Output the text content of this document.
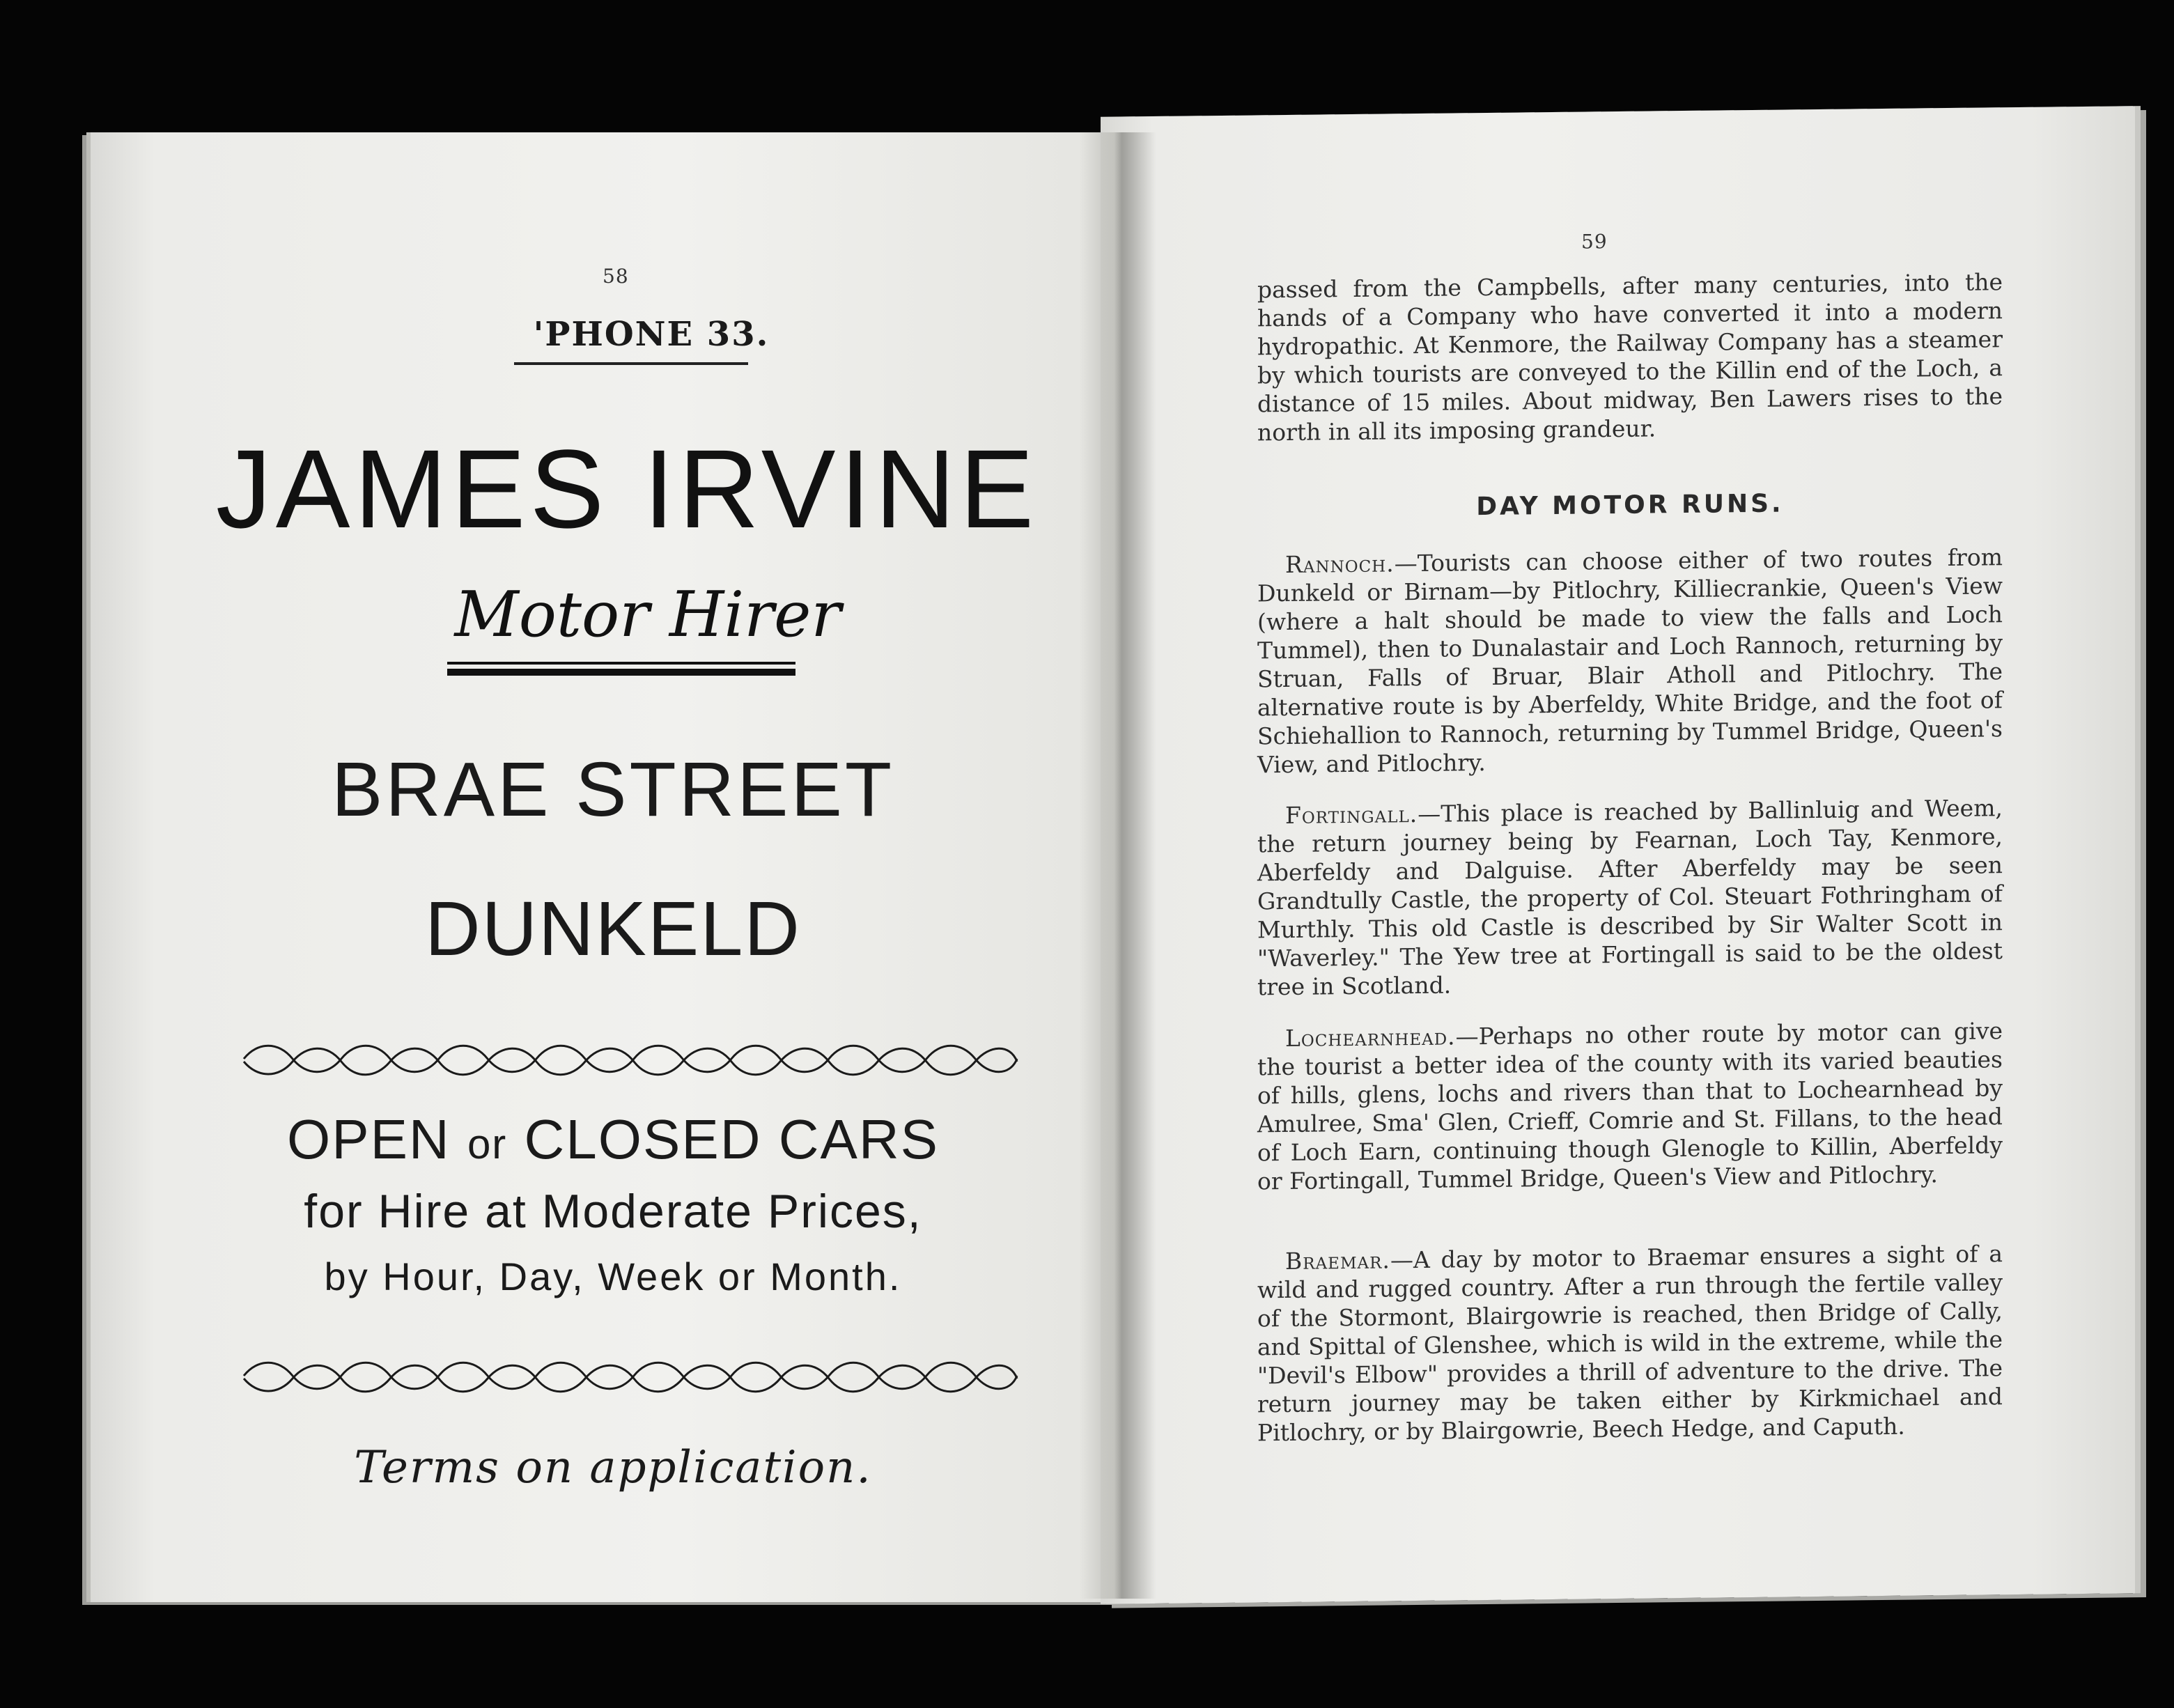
58
'PHONE 33.
JAMES IRVINE
Motor Hirer
BRAE STREET
DUNKELD
OPEN or CLOSED CARS
for Hire at Moderate Prices,
by Hour, Day, Week or Month.
Terms on application.
59

passed from the Campbells, after many centuries, into the hands of a Company who have converted it into a modern hydropathic. At Kenmore, the Railway Company has a steamer by which tourists are conveyed to the Killin end of the Loch, a distance of 15 miles. About midway, Ben Lawers rises to the north in all its imposing grandeur.

DAY MOTOR RUNS.

Rannoch.—Tourists can choose either of two routes from Dunkeld or Birnam—by Pitlochry, Killiecrankie, Queen's View (where a halt should be made to view the falls and Loch Tummel), then to Dunalastair and Loch Rannoch, returning by Struan, Falls of Bruar, Blair Atholl and Pitlochry. The alternative route is by Aberfeldy, White Bridge, and the foot of Schiehallion to Rannoch, returning by Tummel Bridge, Queen's View, and Pitlochry.

Fortingall.—This place is reached by Ballinluig and Weem, the return journey being by Fearnan, Loch Tay, Kenmore, Aberfeldy and Dalguise. After Aberfeldy may be seen Grandtully Castle, the property of Col. Steuart Fothringham of Murthly. This old Castle is described by Sir Walter Scott in "Waverley." The Yew tree at Fortingall is said to be the oldest tree in Scotland.

Lochearnhead.—Perhaps no other route by motor can give the tourist a better idea of the county with its varied beauties of hills, glens, lochs and rivers than that to Lochearnhead by Amulree, Sma' Glen, Crieff, Comrie and St. Fillans, to the head of Loch Earn, continuing though Glenogle to Killin, Aberfeldy or Fortingall, Tummel Bridge, Queen's View and Pitlochry.

Braemar.—A day by motor to Braemar ensures a sight of a wild and rugged country. After a run through the fertile valley of the Stormont, Blairgowrie is reached, then Bridge of Cally, and Spittal of Glenshee, which is wild in the extreme, while the "Devil's Elbow" provides a thrill of adventure to the drive. The return journey may be taken either by Kirkmichael and Pitlochry, or by Blairgowrie, Beech Hedge, and Caputh.
